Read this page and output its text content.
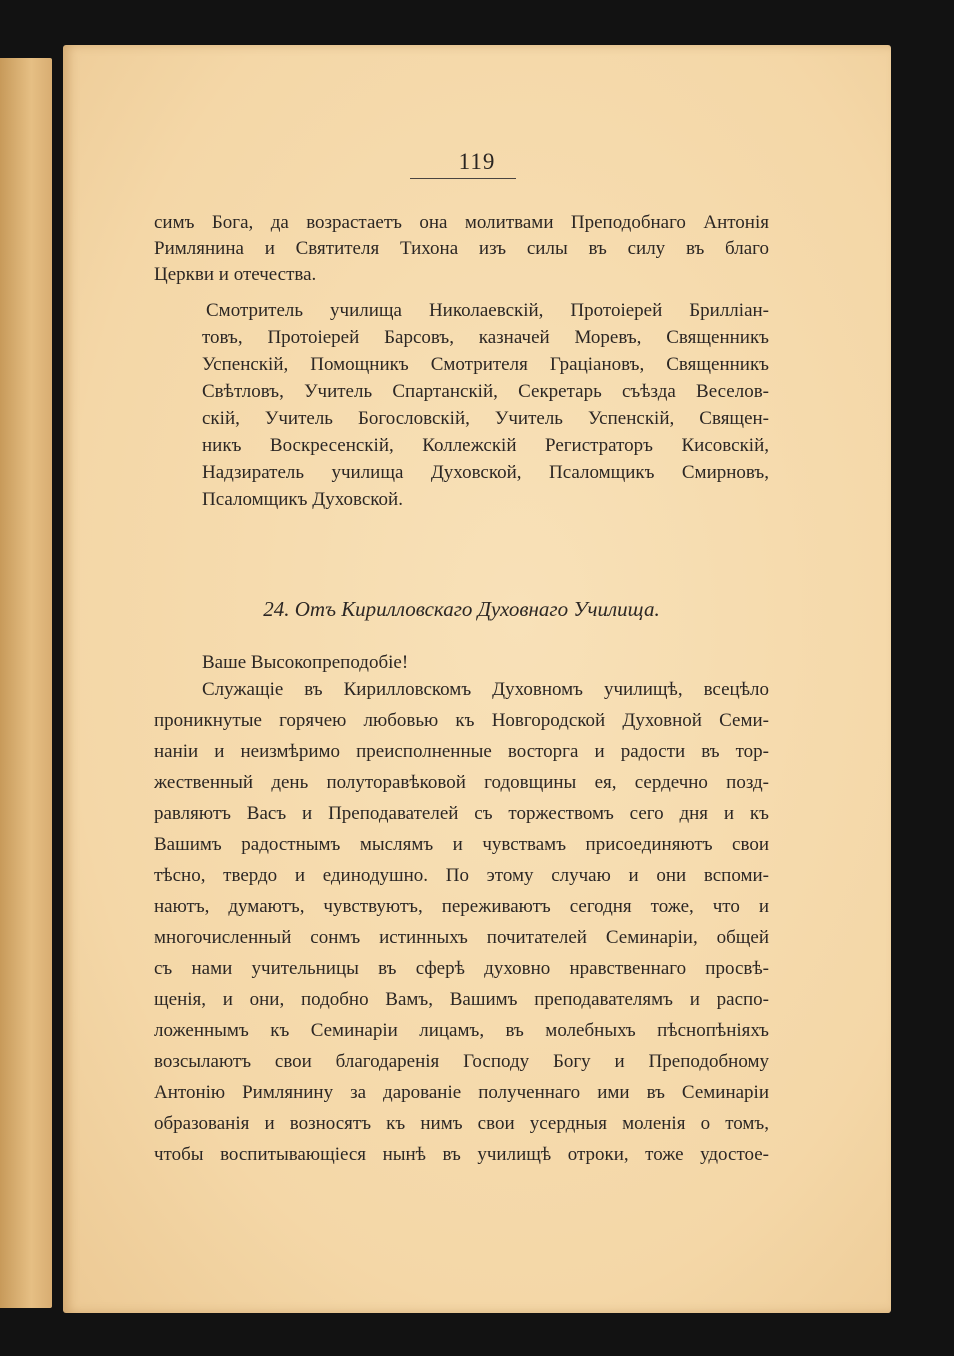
119
симъ Бога, да возрастаетъ она молитвами Преподобнаго Антонія
Римлянина и Святителя Тихона изъ силы въ силу въ благо
Церкви и отечества.
Смотритель училища Николаевскій, Протоіерей Брилліан-
товъ, Протоіерей Барсовъ, казначей Моревъ, Священникъ
Успенскій, Помощникъ Смотрителя Граціановъ, Священникъ
Свѣтловъ, Учитель Спартанскій, Секретарь съѣзда Веселов-
скій, Учитель Богословскій, Учитель Успенскій, Священ-
никъ Воскресенскій, Коллежскій Регистраторъ Кисовскій,
Надзиратель училища Духовской, Псаломщикъ Смирновъ,
Псаломщикъ Духовской.
24. Отъ Кирилловскаго Духовнаго Училища.
Ваше Высокопреподобіе!
Служащіе въ Кирилловскомъ Духовномъ училищѣ, всецѣло
проникнутые горячею любовью къ Новгородской Духовной Семи-
наніи и неизмѣримо преисполненные восторга и радости въ тор-
жественный день полуторавѣковой годовщины ея, сердечно позд-
равляютъ Васъ и Преподавателей съ торжествомъ сего дня и къ
Вашимъ радостнымъ мыслямъ и чувствамъ присоединяютъ свои
тѣсно, твердо и единодушно. По этому случаю и они вспоми-
наютъ, думаютъ, чувствуютъ, переживаютъ сегодня тоже, что и
многочисленный сонмъ истинныхъ почитателей Семинаріи, общей
съ нами учительницы въ сферѣ духовно нравственнаго просвѣ-
щенія, и они, подобно Вамъ, Вашимъ преподавателямъ и распо-
ложеннымъ къ Семинаріи лицамъ, въ молебныхъ пѣснопѣніяхъ
возсылаютъ свои благодаренія Господу Богу и Преподобному
Антонію Римлянину за дарованіе полученнаго ими въ Семинаріи
образованія и возносятъ къ нимъ свои усердныя моленія о томъ,
чтобы воспитывающіеся нынѣ въ училищѣ отроки, тоже удостое-
